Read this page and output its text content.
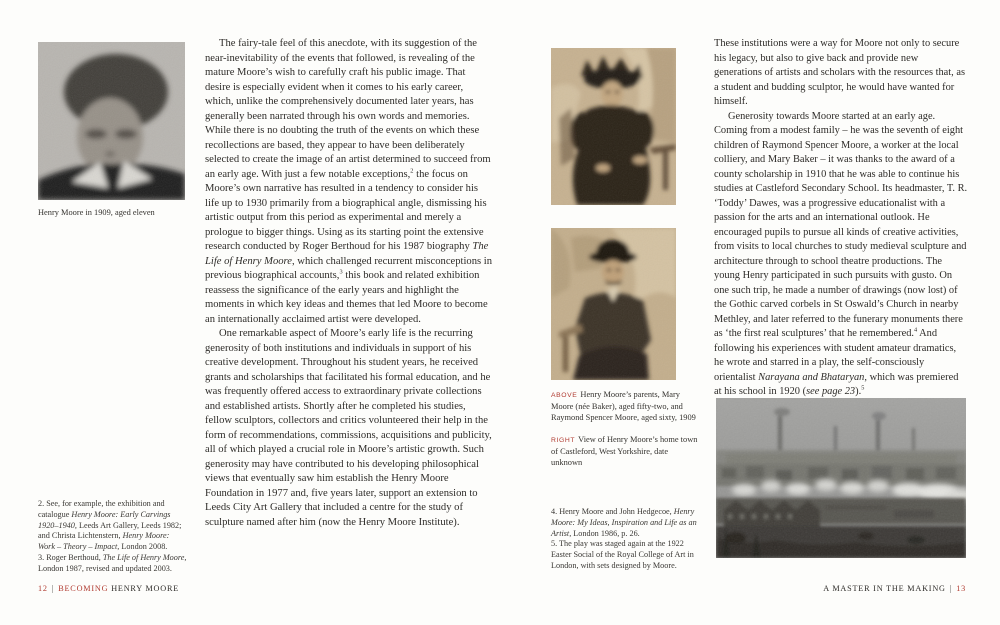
Henry Moore in 1909, aged eleven

2. See, for example, the exhibition and catalogue Henry Moore: Early Carvings 1920–1940, Leeds Art Gallery, Leeds 1982; and Christa Lichtenstern, Henry Moore: Work – Theory – Impact, London 2008.

3. Roger Berthoud, The Life of Henry Moore, London 1987, revised and updated 2003.

The fairy-tale feel of this anecdote, with its suggestion of the near-inevitability of the events that followed, is revealing of the mature Moore’s wish to carefully craft his public image. That desire is especially evident when it comes to his early career, which, unlike the comprehensively documented later years, has generally been narrated through his own words and memories. While there is no doubting the truth of the events on which these recollections are based, they appear to have been deliberately selected to create the image of an artist determined to succeed from an early age. With just a few notable exceptions,$^2$ the focus on Moore’s own narrative has resulted in a tendency to consider his life up to 1930 primarily from a biographical angle, dismissing his artistic output from this period as experimental and merely a prologue to bigger things. Using as its starting point the extensive research conducted by Roger Berthoud for his 1987 biography The Life of Henry Moore, which challenged recurrent misconceptions in previous biographical accounts,$^3$ this book and related exhibition reassess the significance of the early years and highlight the moments in which key ideas and themes that led Moore to become an internationally acclaimed artist were developed.

One remarkable aspect of Moore’s early life is the recurring generosity of both institutions and individuals in support of his creative development. Throughout his student years, he received grants and scholarships that facilitated his formal education, and he was frequently offered access to extraordinary private collections and established artists. Shortly after he completed his studies, fellow sculptors, collectors and critics volunteered their help in the form of recommendations, commissions, acquisitions and publicity, all of which played a crucial role in Moore’s artistic growth. Such generosity may have contributed to his developing philosophical views that eventually saw him establish the Henry Moore Foundation in 1977 and, five years later, support an extension to Leeds City Art Gallery that included a centre for the study of sculpture named after him (now the Henry Moore Institute).

12 | BECOMING HENRY MOORE
ABOVE Henry Moore’s parents, Mary Moore (née Baker), aged fifty-two, and Raymond Spencer Moore, aged sixty, 1909
RIGHT View of Henry Moore’s home town of Castleford, West Yorkshire, date unknown

4. Henry Moore and John Hedgecoe, Henry Moore: My Ideas, Inspiration and Life as an Artist, London 1986, p. 26.

5. The play was staged again at the 1922 Easter Social of the Royal College of Art in London, with sets designed by Moore.

These institutions were a way for Moore not only to secure his legacy, but also to give back and provide new generations of artists and scholars with the resources that, as a student and budding sculptor, he would have wanted for himself.

Generosity towards Moore started at an early age. Coming from a modest family – he was the seventh of eight children of Raymond Spencer Moore, a worker at the local colliery, and Mary Baker – it was thanks to the award of a county scholarship in 1910 that he was able to continue his studies at Castleford Secondary School. Its headmaster, T. R. ‘Toddy’ Dawes, was a progressive educationalist with a passion for the arts and an international outlook. He encouraged pupils to pursue all kinds of creative activities, from visits to local churches to study medieval sculpture and architecture through to school theatre productions. The young Henry participated in such pursuits with gusto. On one such trip, he made a number of drawings (now lost) of the Gothic carved corbels in St Oswald’s Church in nearby Methley, and later referred to the funerary monuments there as ‘the first real sculptures’ that he remembered.$^4$ And following his experiences with student amateur dramatics, he wrote and starred in a play, the self-consciously orientalist Narayana and Bhataryan, which was premiered at his school in 1920 (see page 23).$^5$

A MASTER IN THE MAKING | 13
